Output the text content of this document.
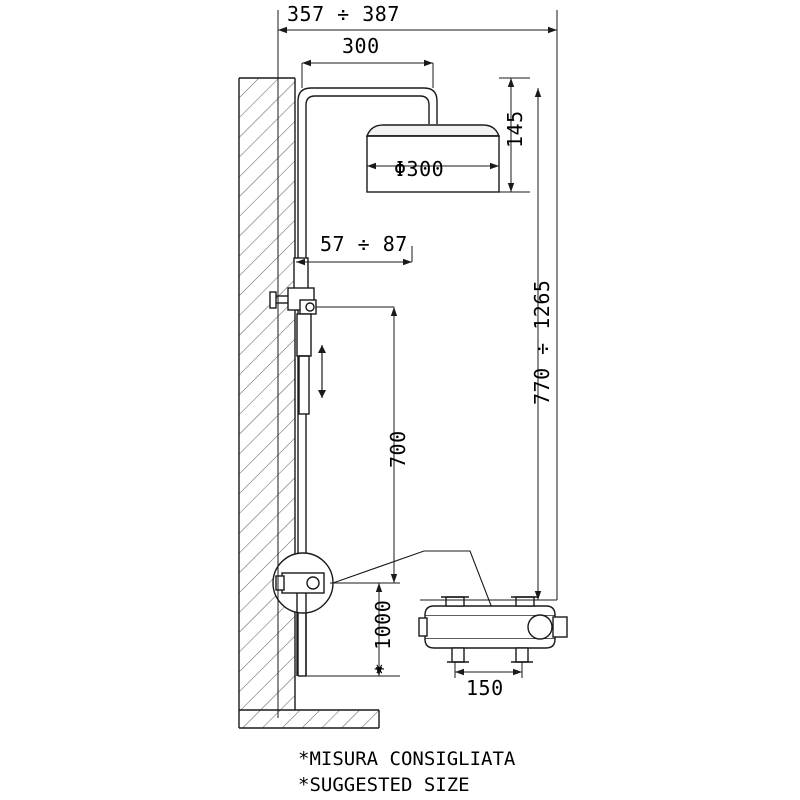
357 ÷ 387
300
145
Φ300
57 ÷ 87
770 ÷ 1265
700
* 1000
150
*MISURA CONSIGLIATA
*SUGGESTED SIZE
